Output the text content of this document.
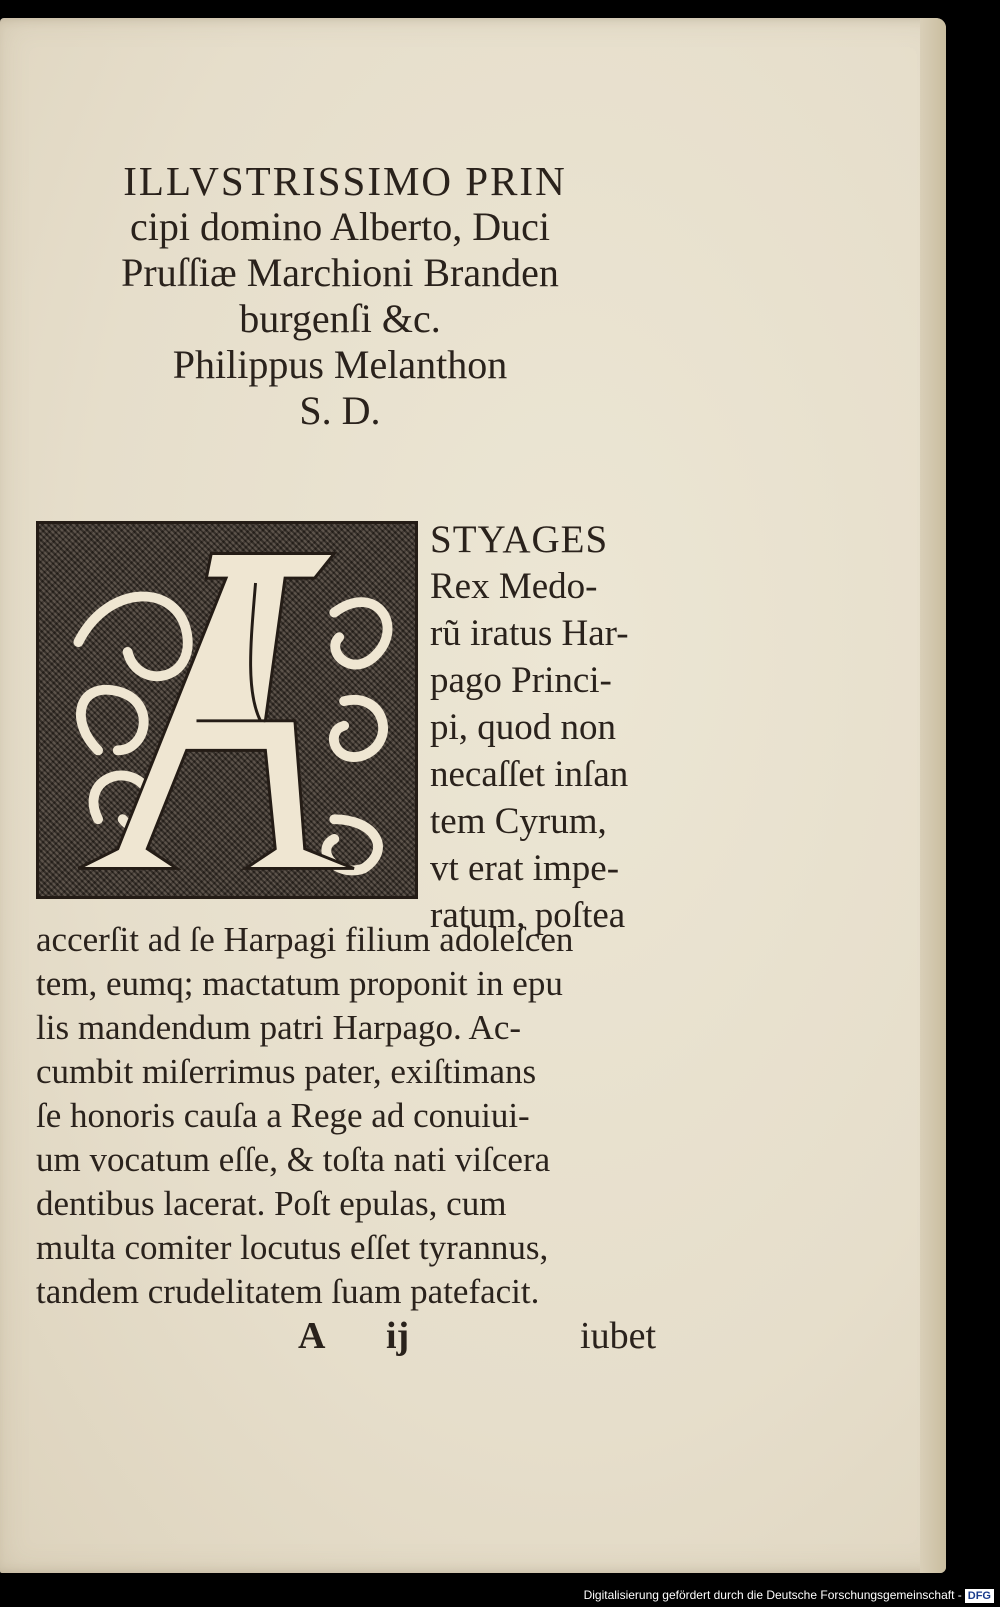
ILLVSTRISSIMO PRIN
cipi domino Alberto, Duci
Pruſſiæ Marchioni Branden
burgenſi &c.
Philippus Melanthon
S. D.
STYAGES
Rex Medo-
rũ iratus Har-
pago Princi-
pi, quod non
necaſſet inſan
tem Cyrum,
vt erat impe-
ratum, poſtea
accerſit ad ſe Harpagi filium adoleſcen
tem, eumq; mactatum proponit in epu
lis mandendum patri Harpago. Ac-
cumbit miſerrimus pater, exiſtimans
ſe honoris cauſa a Rege ad conuiui-
um vocatum eſſe, & toſta nati viſcera
dentibus lacerat. Poſt epulas, cum
multa comiter locutus eſſet tyrannus,
tandem crudelitatem ſuam patefacit.
A ij	iubet
Digitalisierung gefördert durch die Deutsche Forschungsgemeinschaft - DFG
